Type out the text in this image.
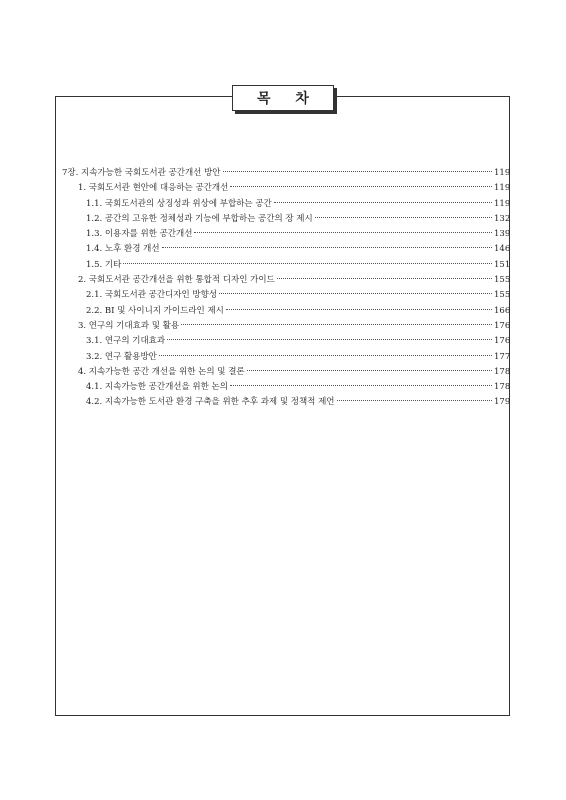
목 차
7장. 지속가능한 국회도서관 공간개선 방안	119
1. 국회도서관 현안에 대응하는 공간개선	119
1.1. 국회도서관의 상징성과 위상에 부합하는 공간	119
1.2. 공간의 고유한 정체성과 기능에 부합하는 공간의 장 제시	132
1.3. 이용자를 위한 공간개선	139
1.4. 노후 환경 개선	146
1.5. 기타	151
2. 국회도서관 공간개선을 위한 통합적 디자인 가이드	155
2.1. 국회도서관 공간디자인 방향성	155
2.2. BI 및 사이니지 가이드라인 제시	166
3. 연구의 기대효과 및 활용	176
3.1. 연구의 기대효과	176
3.2. 연구 활용방안	177
4. 지속가능한 공간 개선을 위한 논의 및 결론	178
4.1. 지속가능한 공간개선을 위한 논의	178
4.2. 지속가능한 도서관 환경 구축을 위한 추후 과제 및 정책적 제언	179
